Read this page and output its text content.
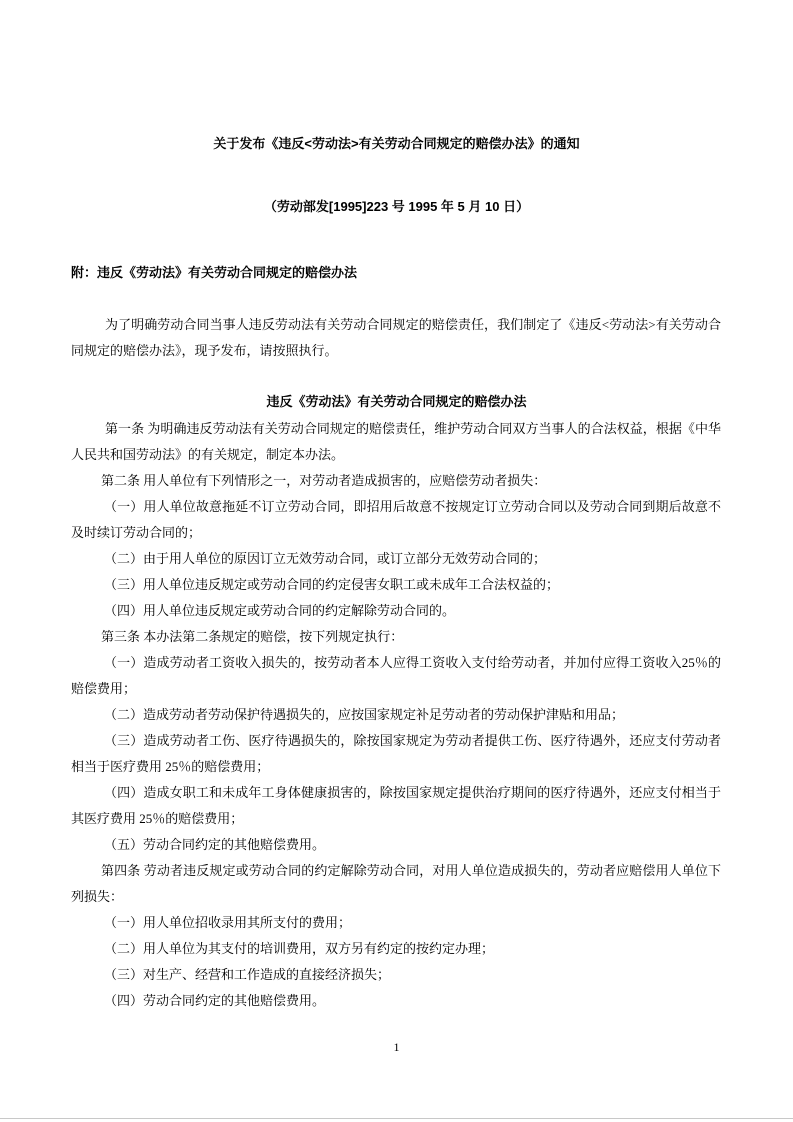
关于发布《违反<劳动法>有关劳动合同规定的赔偿办法》的通知
（劳动部发[1995]223 号 1995 年 5 月 10 日）
附：违反《劳动法》有关劳动合同规定的赔偿办法

为了明确劳动合同当事人违反劳动法有关劳动合同规定的赔偿责任，我们制定了《违反<劳动法>有关劳动合同规定的赔偿办法》，现予发布，请按照执行。

违反《劳动法》有关劳动合同规定的赔偿办法

第一条 为明确违反劳动法有关劳动合同规定的赔偿责任，维护劳动合同双方当事人的合法权益，根据《中华人民共和国劳动法》的有关规定，制定本办法。

第二条 用人单位有下列情形之一，对劳动者造成损害的，应赔偿劳动者损失：

（一）用人单位故意拖延不订立劳动合同，即招用后故意不按规定订立劳动合同以及劳动合同到期后故意不及时续订劳动合同的；

（二）由于用人单位的原因订立无效劳动合同，或订立部分无效劳动合同的；

（三）用人单位违反规定或劳动合同的约定侵害女职工或未成年工合法权益的；

（四）用人单位违反规定或劳动合同的约定解除劳动合同的。

第三条 本办法第二条规定的赔偿，按下列规定执行：

（一）造成劳动者工资收入损失的，按劳动者本人应得工资收入支付给劳动者，并加付应得工资收入25％的赔偿费用；

（二）造成劳动者劳动保护待遇损失的，应按国家规定补足劳动者的劳动保护津贴和用品；

（三）造成劳动者工伤、医疗待遇损失的，除按国家规定为劳动者提供工伤、医疗待遇外，还应支付劳动者相当于医疗费用 25％的赔偿费用；

（四）造成女职工和未成年工身体健康损害的，除按国家规定提供治疗期间的医疗待遇外，还应支付相当于其医疗费用 25％的赔偿费用；

（五）劳动合同约定的其他赔偿费用。

第四条 劳动者违反规定或劳动合同的约定解除劳动合同，对用人单位造成损失的，劳动者应赔偿用人单位下列损失：

（一）用人单位招收录用其所支付的费用；

（二）用人单位为其支付的培训费用，双方另有约定的按约定办理；

（三）对生产、经营和工作造成的直接经济损失；

（四）劳动合同约定的其他赔偿费用。

1
